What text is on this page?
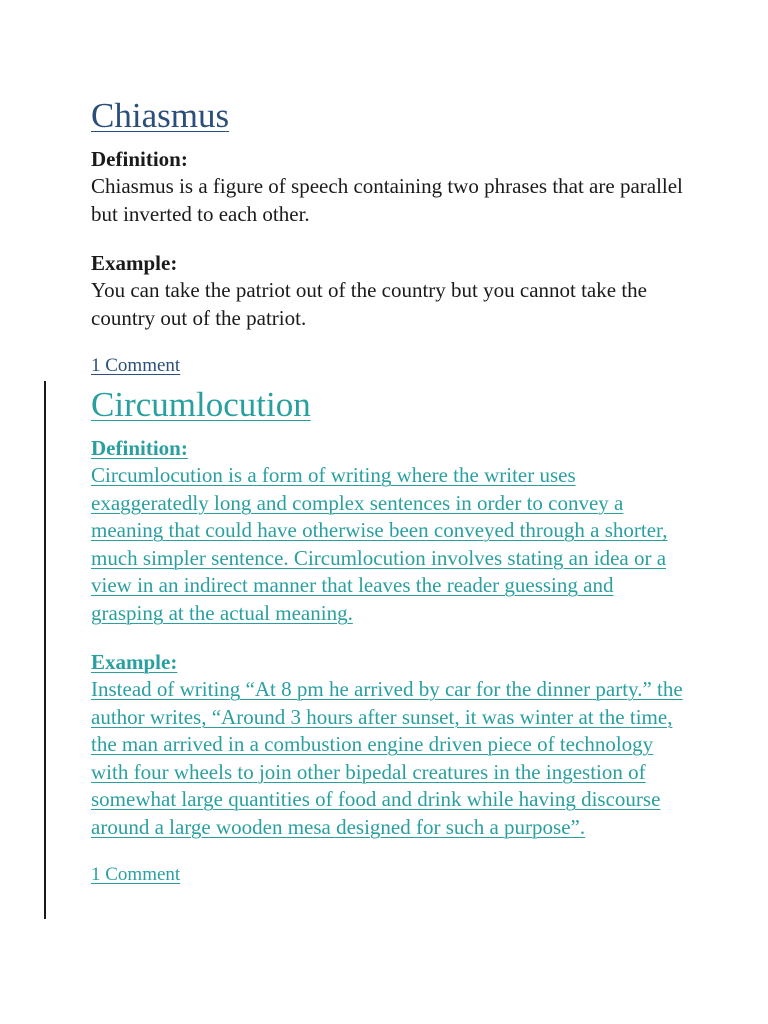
Chiasmus
Definition:
Chiasmus is a figure of speech containing two phrases that are parallel but inverted to each other.
Example:
You can take the patriot out of the country but you cannot take the country out of the patriot.
1 Comment
Circumlocution
Definition:
Circumlocution is a form of writing where the writer uses exaggeratedly long and complex sentences in order to convey a meaning that could have otherwise been conveyed through a shorter, much simpler sentence. Circumlocution involves stating an idea or a view in an indirect manner that leaves the reader guessing and grasping at the actual meaning.
Example:
Instead of writing “At 8 pm he arrived by car for the dinner party.” the author writes, “Around 3 hours after sunset, it was winter at the time, the man arrived in a combustion engine driven piece of technology with four wheels to join other bipedal creatures in the ingestion of somewhat large quantities of food and drink while having discourse around a large wooden mesa designed for such a purpose”.
1 Comment
